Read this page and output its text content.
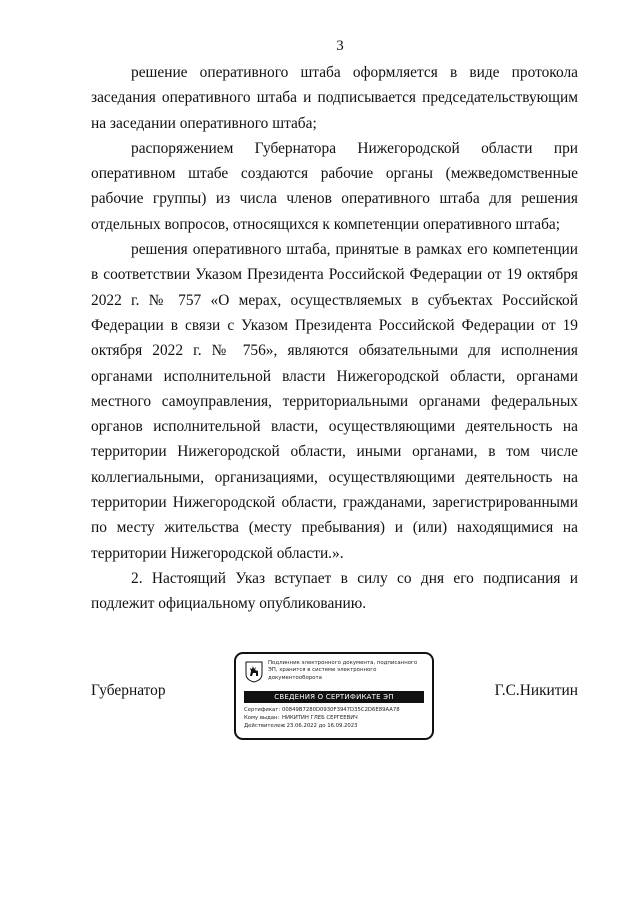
3

решение оперативного штаба оформляется в виде протокола заседания оперативного штаба и подписывается председательствующим на заседании оперативного штаба;

распоряжением Губернатора Нижегородской области при оперативном штабе создаются рабочие органы (межведомственные рабочие группы) из числа членов оперативного штаба для решения отдельных вопросов, относящихся к компетенции оперативного штаба;

решения оперативного штаба, принятые в рамках его компетенции в соответствии Указом Президента Российской Федерации от 19 октября 2022 г. № 757 «О мерах, осуществляемых в субъектах Российской Федерации в связи с Указом Президента Российской Федерации от 19 октября 2022 г. № 756», являются обязательными для исполнения органами исполнительной власти Нижегородской области, органами местного самоуправления, территориальными органами федеральных органов исполнительной власти, осуществляющими деятельность на территории Нижегородской области, иными органами, в том числе коллегиальными, организациями, осуществляющими деятельность на территории Нижегородской области, гражданами, зарегистрированными по месту жительства (месту пребывания) и (или) находящимися на территории Нижегородской области.».

2. Настоящий Указ вступает в силу со дня его подписания и подлежит официальному опубликованию.

Губернатор
Подлинник электронного документа, подписанного ЭП, хранится в системе электронного документооборота
СВЕДЕНИЯ О СЕРТИФИКАТЕ ЭП
Сертификат: 00849B7280D0930F3947D35C2D6E89AA78
Кому выдан: НИКИТИН ГЛЕБ СЕРГЕЕВИЧ
Действителен:с 23.06.2022 до 16.09.2023
Г.С.Никитин
